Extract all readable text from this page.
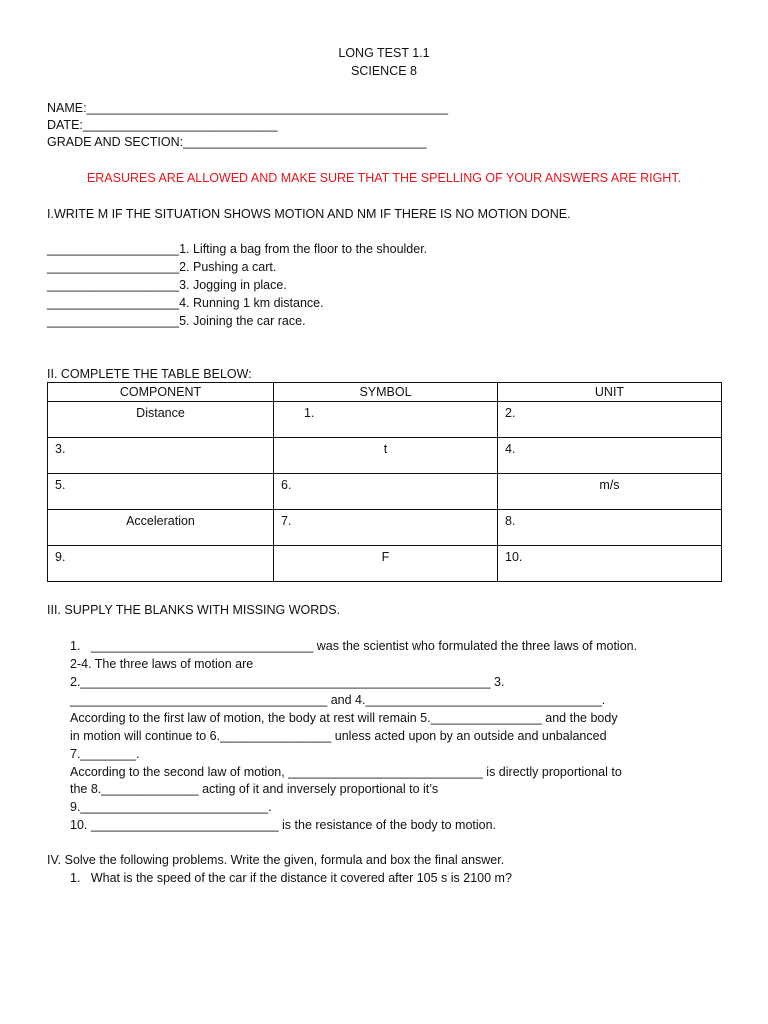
LONG TEST 1.1
SCIENCE 8
NAME:____________________________________________________
DATE:____________________________
GRADE AND SECTION:___________________________________
ERASURES ARE ALLOWED AND MAKE SURE THAT THE SPELLING OF YOUR ANSWERS ARE RIGHT.
I.WRITE M IF THE SITUATION SHOWS MOTION AND NM IF THERE IS NO MOTION DONE.
___________________1. Lifting a bag from the floor to the shoulder.
___________________2. Pushing a cart.
___________________3. Jogging in place.
___________________4. Running 1 km distance.
___________________5. Joining the car race.
II. COMPLETE THE TABLE BELOW:
COMPONENT	SYMBOL	UNIT
Distance	1.	2.
3.	t	4.
5.	6.	m/s
Acceleration	7.	8.
9.	F	10.
III. SUPPLY THE BLANKS WITH MISSING WORDS.
1.   ________________________________ was the scientist who formulated the three laws of motion.
2-4. The three laws of motion are
2.___________________________________________________________ 3.
_____________________________________ and 4.__________________________________.
According to the first law of motion, the body at rest will remain 5.________________ and the body
in motion will continue to 6.________________ unless acted upon by an outside and unbalanced
7.________.
According to the second law of motion, ____________________________ is directly proportional to
the 8.______________ acting of it and inversely proportional to it’s
9.___________________________.
10. ___________________________ is the resistance of the body to motion.
IV. Solve the following problems. Write the given, formula and box the final answer.
1.   What is the speed of the car if the distance it covered after 105 s is 2100 m?
